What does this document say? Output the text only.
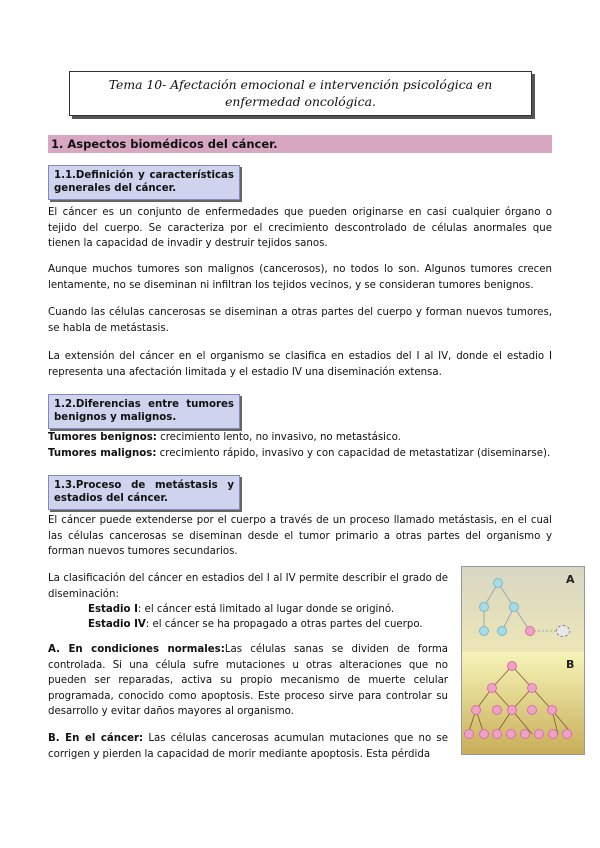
Tema 10- Afectación emocional e intervención psicológica en enfermedad oncológica.
1. Aspectos biomédicos del cáncer.
1.1.Definición y características generales del cáncer.

El cáncer es un conjunto de enfermedades que pueden originarse en casi cualquier órgano o tejido del cuerpo. Se caracteriza por el crecimiento descontrolado de células anormales que tienen la capacidad de invadir y destruir tejidos sanos.

Aunque muchos tumores son malignos (cancerosos), no todos lo son. Algunos tumores crecen lentamente, no se diseminan ni infiltran los tejidos vecinos, y se consideran tumores benignos.

Cuando las células cancerosas se diseminan a otras partes del cuerpo y forman nuevos tumores, se habla de metástasis.

La extensión del cáncer en el organismo se clasifica en estadios del I al IV, donde el estadio I representa una afectación limitada y el estadio IV una diseminación extensa.

1.2.Diferencias entre tumores benignos y malignos.

Tumores benignos: crecimiento lento, no invasivo, no metastásico.

Tumores malignos: crecimiento rápido, invasivo y con capacidad de metastatizar (diseminarse).

1.3.Proceso de metástasis y estadios del cáncer.

El cáncer puede extenderse por el cuerpo a través de un proceso llamado metástasis, en el cual las células cancerosas se diseminan desde el tumor primario a otras partes del organismo y forman nuevos tumores secundarios.

La clasificación del cáncer en estadios del I al IV permite describir el grado de diseminación:

Estadio I: el cáncer está limitado al lugar donde se originó.

Estadio IV: el cáncer se ha propagado a otras partes del cuerpo.

A. En condiciones normales:Las células sanas se dividen de forma controlada. Si una célula sufre mutaciones u otras alteraciones que no pueden ser reparadas, activa su propio mecanismo de muerte celular programada, conocido como apoptosis. Este proceso sirve para controlar su desarrollo y evitar daños mayores al organismo.

B. En el cáncer: Las células cancerosas acumulan mutaciones que no se corrigen y pierden la capacidad de morir mediante apoptosis. Esta pérdida

A
B
